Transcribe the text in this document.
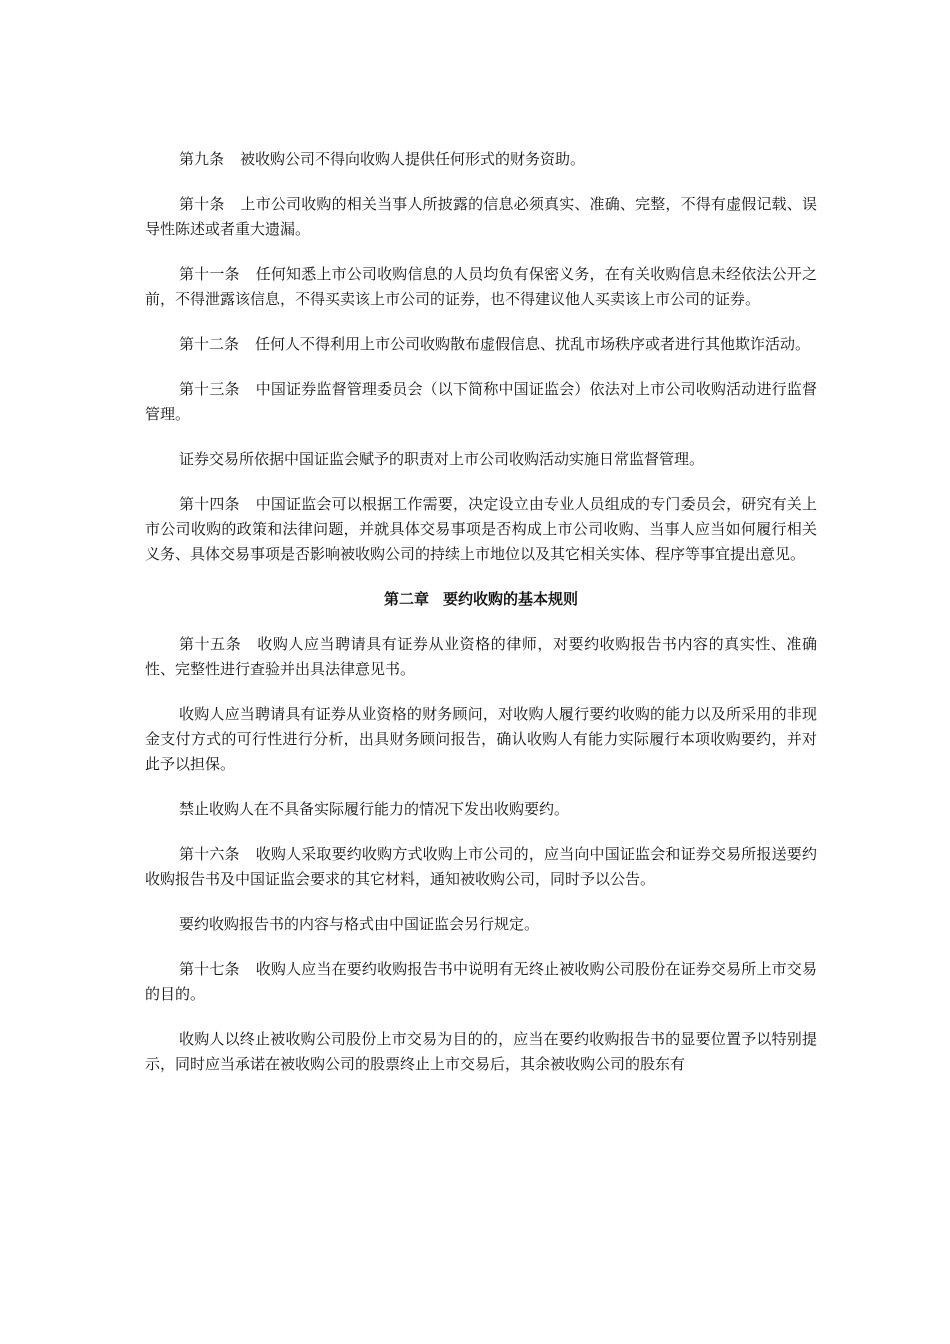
第九条 被收购公司不得向收购人提供任何形式的财务资助。

第十条 上市公司收购的相关当事人所披露的信息必须真实、准确、完整，不得有虚假记载、误导性陈述或者重大遗漏。

第十一条 任何知悉上市公司收购信息的人员均负有保密义务，在有关收购信息未经依法公开之前，不得泄露该信息，不得买卖该上市公司的证券，也不得建议他人买卖该上市公司的证券。

第十二条 任何人不得利用上市公司收购散布虚假信息、扰乱市场秩序或者进行其他欺诈活动。

第十三条 中国证券监督管理委员会（以下简称中国证监会）依法对上市公司收购活动进行监督管理。

证券交易所依据中国证监会赋予的职责对上市公司收购活动实施日常监督管理。

第十四条 中国证监会可以根据工作需要，决定设立由专业人员组成的专门委员会，研究有关上市公司收购的政策和法律问题，并就具体交易事项是否构成上市公司收购、当事人应当如何履行相关义务、具体交易事项是否影响被收购公司的持续上市地位以及其它相关实体、程序等事宜提出意见。

第二章 要约收购的基本规则

第十五条 收购人应当聘请具有证券从业资格的律师，对要约收购报告书内容的真实性、准确性、完整性进行查验并出具法律意见书。

收购人应当聘请具有证券从业资格的财务顾问，对收购人履行要约收购的能力以及所采用的非现金支付方式的可行性进行分析，出具财务顾问报告，确认收购人有能力实际履行本项收购要约，并对此予以担保。

禁止收购人在不具备实际履行能力的情况下发出收购要约。

第十六条 收购人采取要约收购方式收购上市公司的，应当向中国证监会和证券交易所报送要约收购报告书及中国证监会要求的其它材料，通知被收购公司，同时予以公告。

要约收购报告书的内容与格式由中国证监会另行规定。

第十七条 收购人应当在要约收购报告书中说明有无终止被收购公司股份在证券交易所上市交易的目的。

收购人以终止被收购公司股份上市交易为目的的，应当在要约收购报告书的显要位置予以特别提示，同时应当承诺在被收购公司的股票终止上市交易后，其余被收购公司的股东有
